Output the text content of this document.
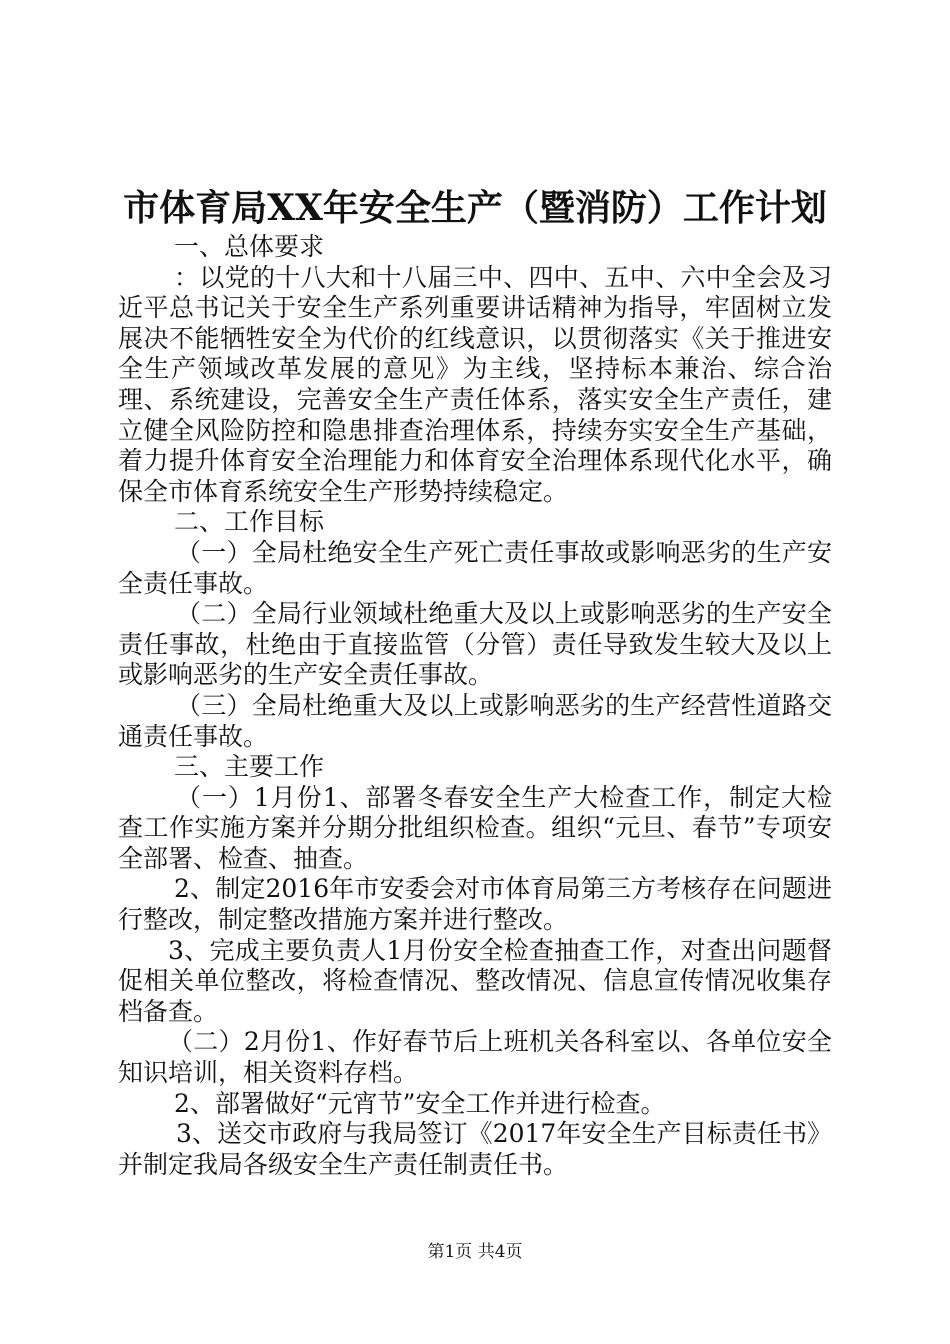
市体育局XX年安全生产（暨消防）工作计划

一、总体要求

：以党的十八大和十八届三中、四中、五中、六中全会及习近平总书记关于安全生产系列重要讲话精神为指导，牢固树立发展决不能牺牲安全为代价的红线意识，以贯彻落实《关于推进安全生产领域改革发展的意见》为主线，坚持标本兼治、综合治理、系统建设，完善安全生产责任体系，落实安全生产责任，建立健全风险防控和隐患排查治理体系，持续夯实安全生产基础，着力提升体育安全治理能力和体育安全治理体系现代化水平，确保全市体育系统安全生产形势持续稳定。

二、工作目标

（一）全局杜绝安全生产死亡责任事故或影响恶劣的生产安全责任事故。

（二）全局行业领域杜绝重大及以上或影响恶劣的生产安全责任事故，杜绝由于直接监管（分管）责任导致发生较大及以上或影响恶劣的生产安全责任事故。

（三）全局杜绝重大及以上或影响恶劣的生产经营性道路交通责任事故。

三、主要工作

（一）1月份1、部署冬春安全生产大检查工作，制定大检查工作实施方案并分期分批组织检查。组织“元旦、春节”专项安全部署、检查、抽查。

2、制定2016年市安委会对市体育局第三方考核存在问题进行整改，制定整改措施方案并进行整改。

3、完成主要负责人1月份安全检查抽查工作，对查出问题督促相关单位整改，将检查情况、整改情况、信息宣传情况收集存档备查。

（二）2月份1、作好春节后上班机关各科室以、各单位安全知识培训，相关资料存档。

2、部署做好“元宵节”安全工作并进行检查。

3、送交市政府与我局签订《2017年安全生产目标责任书》并制定我局各级安全生产责任制责任书。

第1页 共4页
